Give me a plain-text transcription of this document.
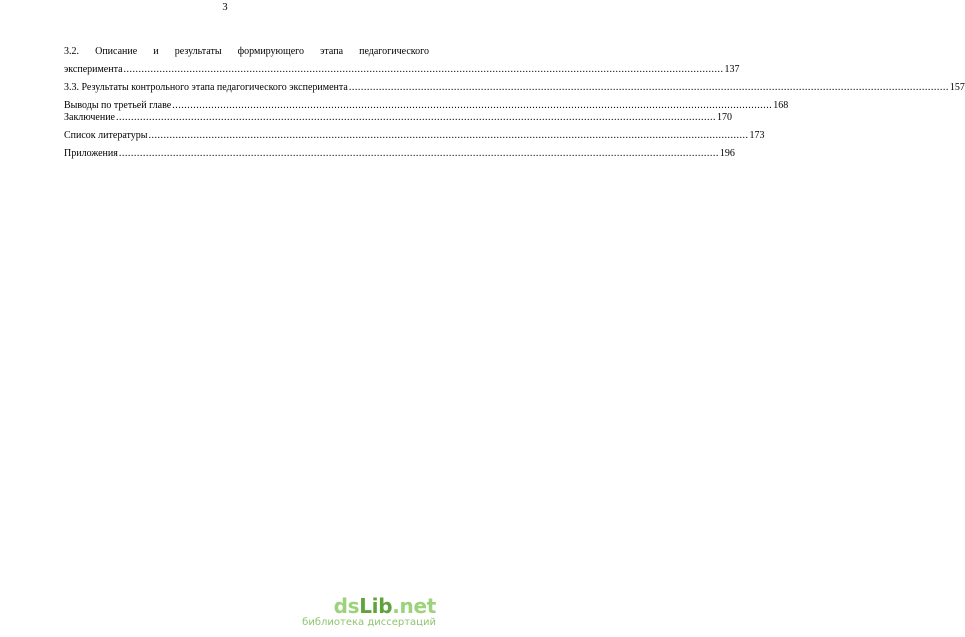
3
3.2. Описание и результаты формирующего этапа педагогического
эксперимента ........................................................................................................................................................................................................ 137
3.3. Результаты контрольного этапа педагогического эксперимента ........................................................................................................................................................................................................ 157
Выводы по третьей главе ........................................................................................................................................................................................................ 168
Заключение ........................................................................................................................................................................................................ 170
Список литературы ........................................................................................................................................................................................................ 173
Приложения ........................................................................................................................................................................................................ 196
dsLib.net
библиотека диссертаций
